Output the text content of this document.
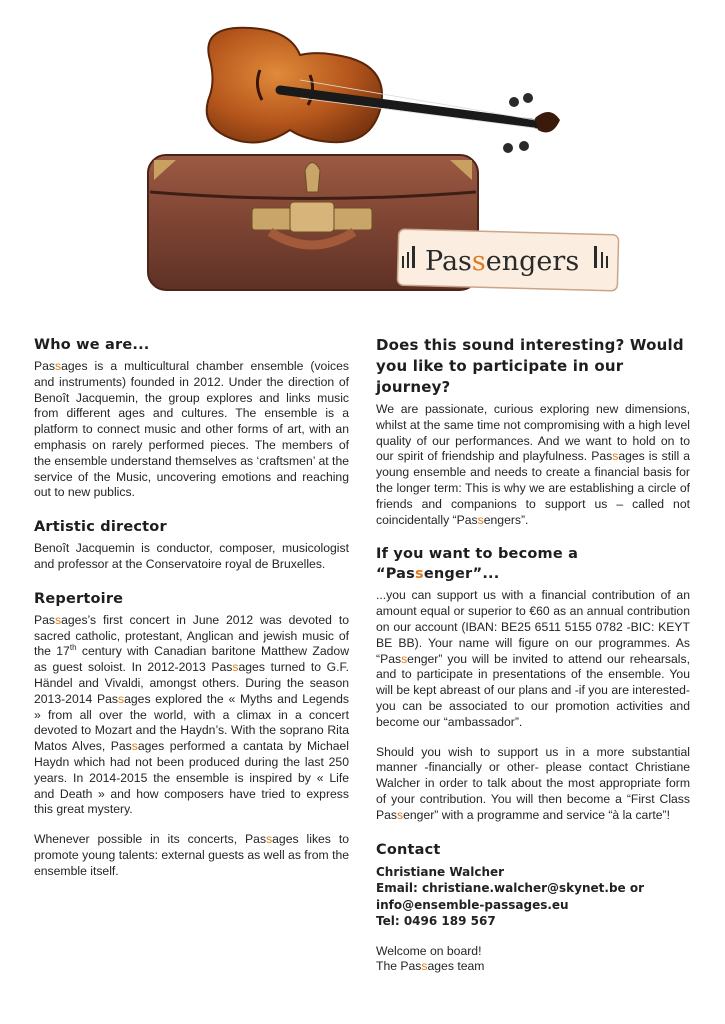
Passengers
Who we are...

Passages is a multicultural chamber ensemble (voices and instruments) founded in 2012. Under the direction of Benoît Jacquemin, the group explores and links music from different ages and cultures. The ensemble is a platform to connect music and other forms of art, with an emphasis on rarely performed pieces. The members of the ensemble understand themselves as ‘craftsmen’ at the service of the Music, uncovering emotions and reaching out to new publics.

Artistic director

Benoît Jacquemin is conductor, composer, musicologist and professor at the Conservatoire royal de Bruxelles.

Repertoire

Passages’s first concert in June 2012 was devoted to sacred catholic, protestant, Anglican and jewish music of the 17th century with Canadian baritone Matthew Zadow as guest soloist. In 2012-2013 Passages turned to G.F. Händel and Vivaldi, amongst others. During the season 2013-2014 Passages explored the « Myths and Legends » from all over the world, with a climax in a concert devoted to Mozart and the Haydn’s. With the soprano Rita Matos Alves, Passages performed a cantata by Michael Haydn which had not been produced during the last 250 years. In 2014-2015 the ensemble is inspired by « Life and Death » and how composers have tried to express this great mystery.

Whenever possible in its concerts, Passages likes to promote young talents: external guests as well as from the ensemble itself.

Does this sound interesting? Would you like to participate in our journey?

We are passionate, curious exploring new dimensions, whilst at the same time not compromising with a high level quality of our performances. And we want to hold on to our spirit of friendship and playfulness. Passages is still a young ensemble and needs to create a financial basis for the longer term: This is why we are establishing a circle of friends and companions to support us – called not coincidentally “Passengers”.

If you want to become a “Passenger”...

...you can support us with a financial contribution of an amount equal or superior to €60 as an annual contribution on our account (IBAN: BE25 6511 5155 0782 -BIC: KEYT BE BB). Your name will figure on our programmes. As “Passenger” you will be invited to attend our rehearsals, and to participate in presentations of the ensemble. You will be kept abreast of our plans and -if you are interested- you can be associated to our promotion activities and become our “ambassador”.

Should you wish to support us in a more substantial manner -financially or other- please contact Christiane Walcher in order to talk about the most appropriate form of your contribution. You will then become a “First Class Passenger” with a programme and service “à la carte”!

Contact

Christiane Walcher

Email: christiane.walcher@skynet.be or

info@ensemble-passages.eu

Tel: 0496 189 567

Welcome on board!

The Passages team
